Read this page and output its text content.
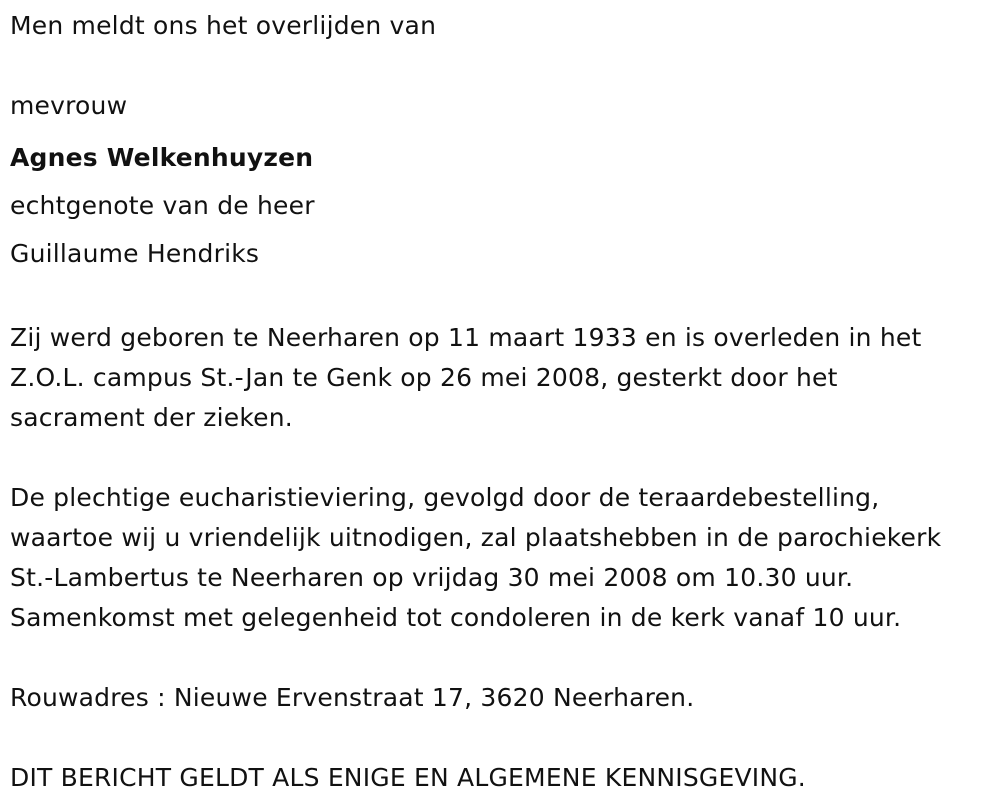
Men meldt ons het overlijden van

mevrouw

Agnes Welkenhuyzen

echtgenote van de heer

Guillaume Hendriks

Zij werd geboren te Neerharen op 11 maart 1933 en is overleden in het
Z.O.L. campus St.-Jan te Genk op 26 mei 2008, gesterkt door het
sacrament der zieken.

De plechtige eucharistieviering, gevolgd door de teraardebestelling,
waartoe wij u vriendelijk uitnodigen, zal plaatshebben in de parochiekerk
St.-Lambertus te Neerharen op vrijdag 30 mei 2008 om 10.30 uur.
Samenkomst met gelegenheid tot condoleren in de kerk vanaf 10 uur.

Rouwadres : Nieuwe Ervenstraat 17, 3620 Neerharen.

DIT BERICHT GELDT ALS ENIGE EN ALGEMENE KENNISGEVING.
